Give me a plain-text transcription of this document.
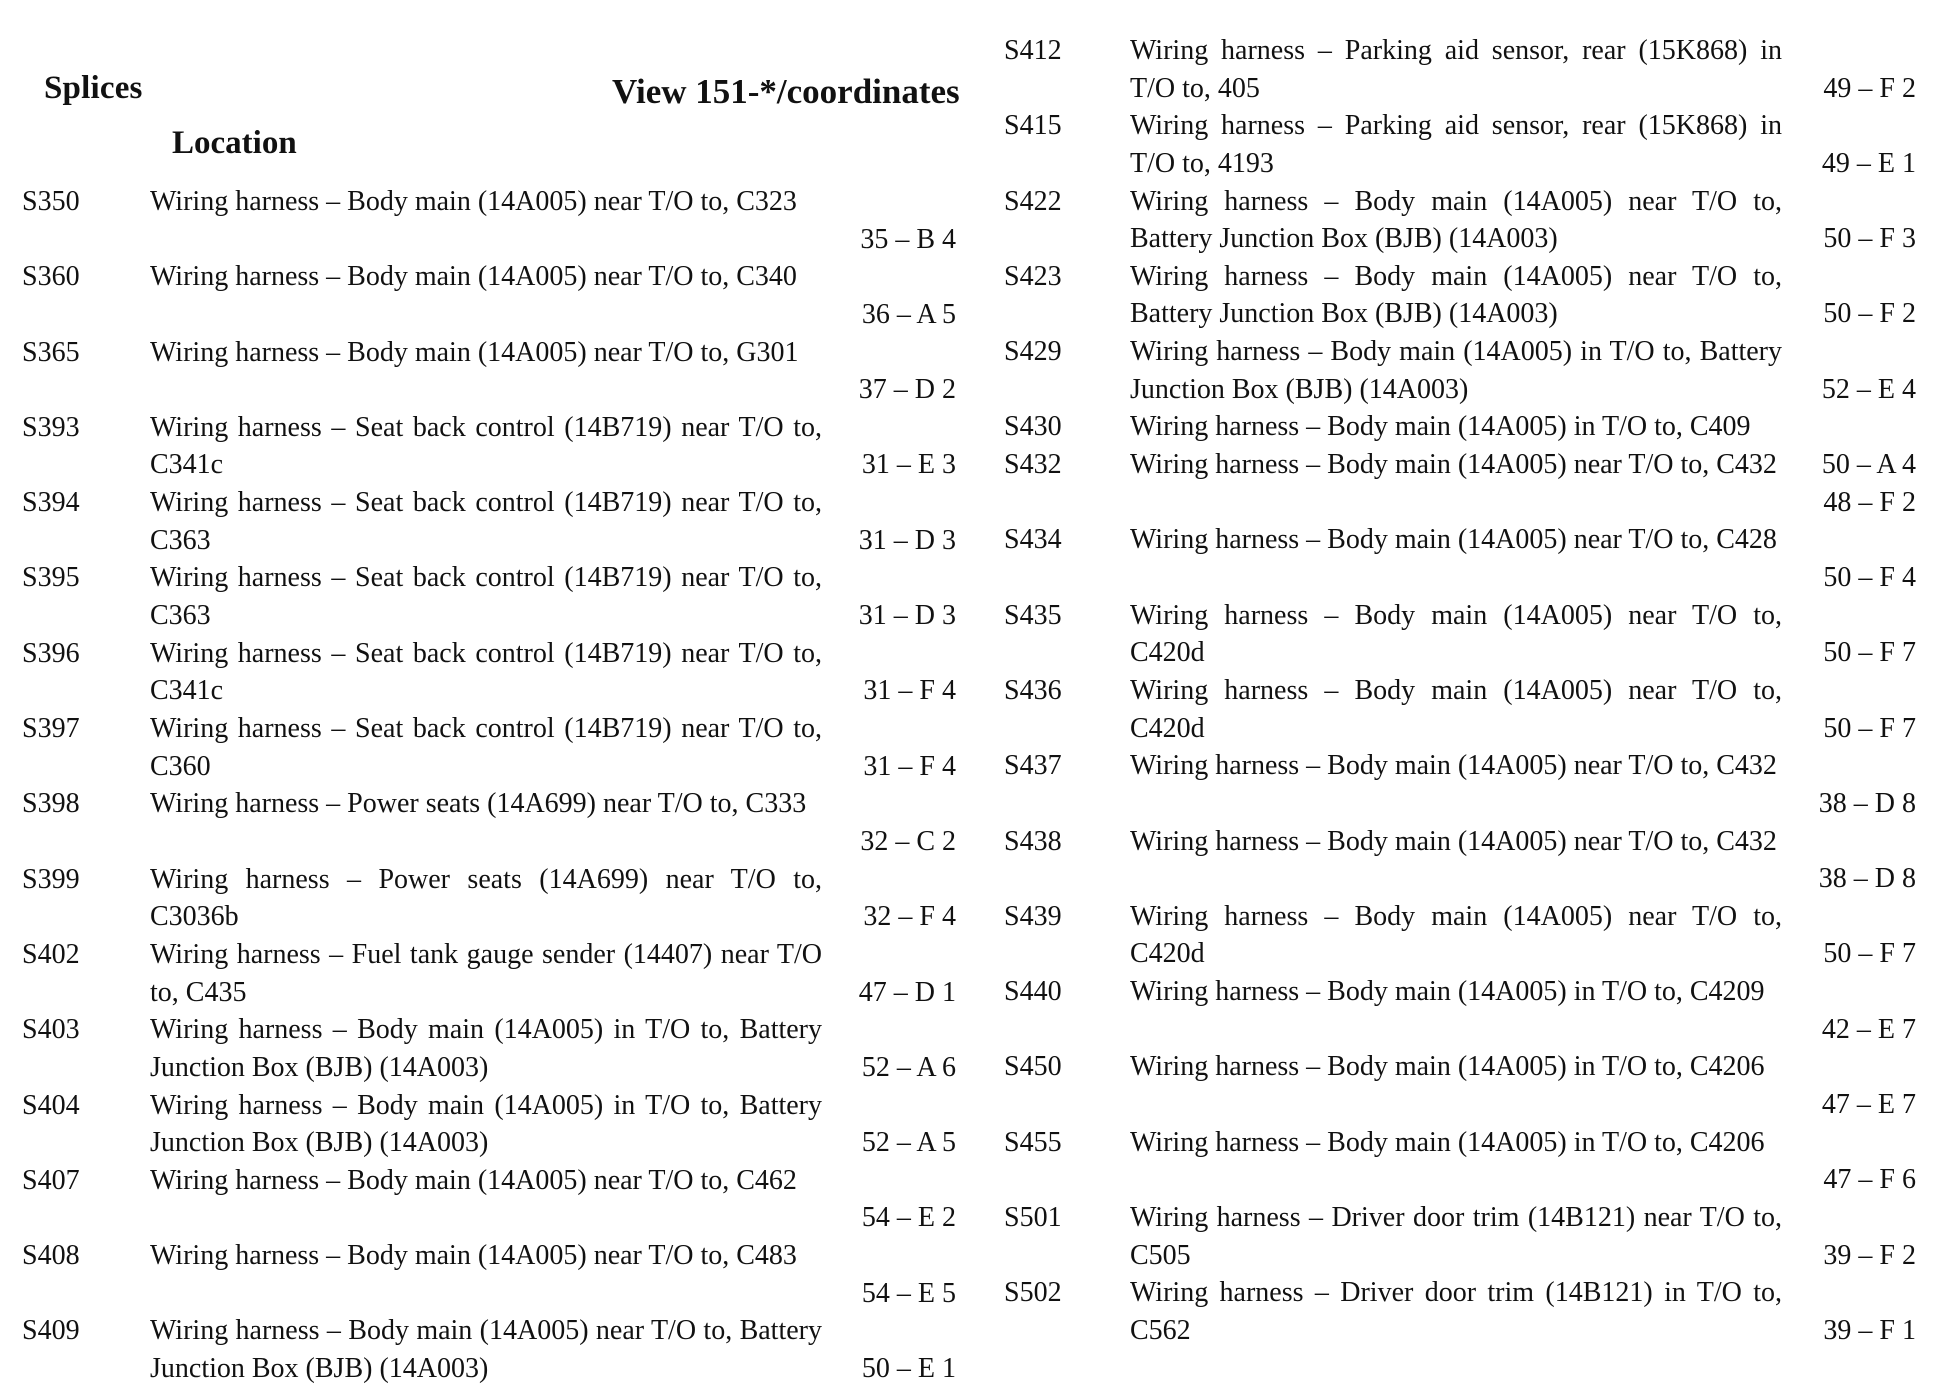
Splices	View 151-*/coordinates
Location
S350	Wiring harness – Body main (14A005) near T/O to, C323
35 – B 4
S360	Wiring harness – Body main (14A005) near T/O to, C340
36 – A 5
S365	Wiring harness – Body main (14A005) near T/O to, G301
37 – D 2
S393	Wiring harness – Seat back control (14B719) near T/O to, C341c	31 – E 3
S394	Wiring harness – Seat back control (14B719) near T/O to, C363	31 – D 3
S395	Wiring harness – Seat back control (14B719) near T/O to, C363	31 – D 3
S396	Wiring harness – Seat back control (14B719) near T/O to, C341c	31 – F 4
S397	Wiring harness – Seat back control (14B719) near T/O to, C360	31 – F 4
S398	Wiring harness – Power seats (14A699) near T/O to, C333
32 – C 2
S399	Wiring harness – Power seats (14A699) near T/O to, C3036b	32 – F 4
S402	Wiring harness – Fuel tank gauge sender (14407) near T/O to, C435	47 – D 1
S403	Wiring harness – Body main (14A005) in T/O to, Battery Junction Box (BJB) (14A003)	52 – A 6
S404	Wiring harness – Body main (14A005) in T/O to, Battery Junction Box (BJB) (14A003)	52 – A 5
S407	Wiring harness – Body main (14A005) near T/O to, C462
54 – E 2
S408	Wiring harness – Body main (14A005) near T/O to, C483
54 – E 5
S409	Wiring harness – Body main (14A005) near T/O to, Battery Junction Box (BJB) (14A003)	50 – E 1
S412 Wiring harness – Parking aid sensor, rear (15K868) in T/O to, 405	49 – F 2
S415 Wiring harness – Parking aid sensor, rear (15K868) in T/O to, 4193	49 – E 1
S422 Wiring harness – Body main (14A005) near T/O to, Battery Junction Box (BJB) (14A003)	50 – F 3
S423 Wiring harness – Body main (14A005) near T/O to, Battery Junction Box (BJB) (14A003)	50 – F 2
S429 Wiring harness – Body main (14A005) in T/O to, Battery Junction Box (BJB) (14A003)	52 – E 4
S430 Wiring harness – Body main (14A005) in T/O to, C409
50 – A 4
S432 Wiring harness – Body main (14A005) near T/O to, C432
48 – F 2
S434 Wiring harness – Body main (14A005) near T/O to, C428
50 – F 4
S435 Wiring harness – Body main (14A005) near T/O to, C420d	50 – F 7
S436 Wiring harness – Body main (14A005) near T/O to, C420d	50 – F 7
S437 Wiring harness – Body main (14A005) near T/O to, C432
38 – D 8
S438 Wiring harness – Body main (14A005) near T/O to, C432
38 – D 8
S439 Wiring harness – Body main (14A005) near T/O to, C420d	50 – F 7
S440 Wiring harness – Body main (14A005) in T/O to, C4209
42 – E 7
S450 Wiring harness – Body main (14A005) in T/O to, C4206
47 – E 7
S455 Wiring harness – Body main (14A005) in T/O to, C4206
47 – F 6
S501 Wiring harness – Driver door trim (14B121) near T/O to, C505	39 – F 2
S502 Wiring harness – Driver door trim (14B121) in T/O to, C562	39 – F 1
